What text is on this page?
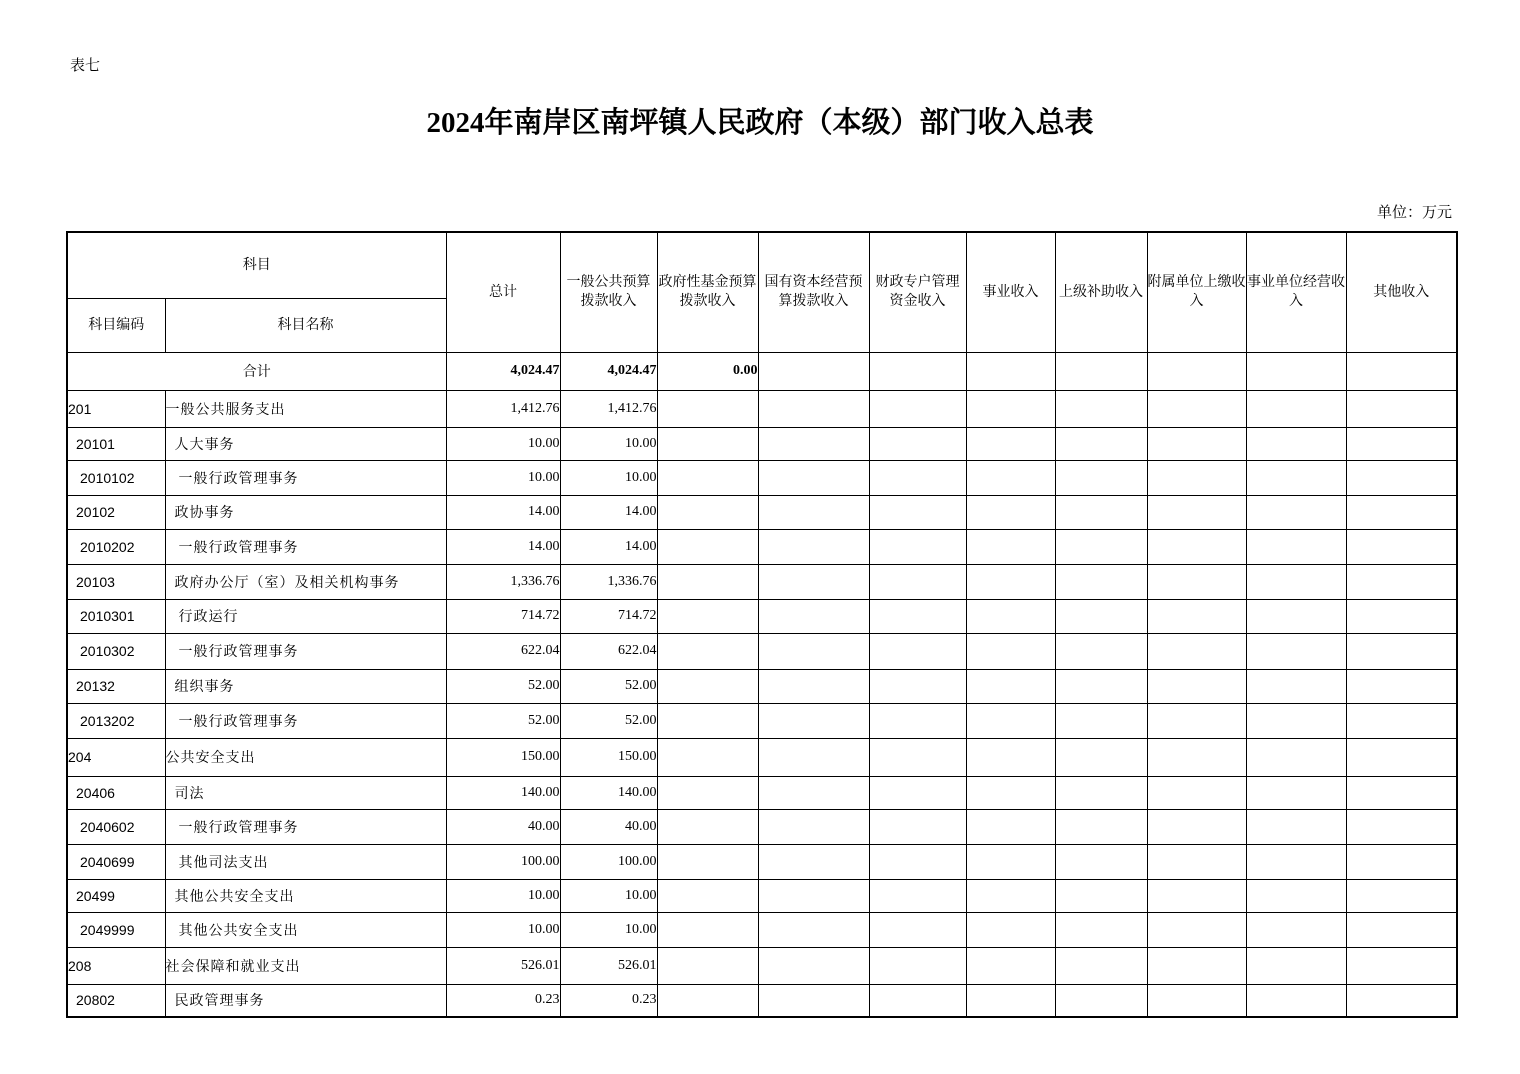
表七
2024年南岸区南坪镇人民政府（本级）部门收入总表
单位：万元
科目		总计	一般公共预算拨款收入	政府性基金预算拨款收入	国有资本经营预算拨款收入	财政专户管理资金收入	事业收入	上级补助收入	附属单位上缴收入	事业单位经营收入	其他收入
科目编码	科目名称										
合计		4,024.47	4,024.47	0.00							
201	一般公共服务支出	1,412.76	1,412.76								
20101	人大事务	10.00	10.00								
2010102	一般行政管理事务	10.00	10.00								
20102	政协事务	14.00	14.00								
2010202	一般行政管理事务	14.00	14.00								
20103	政府办公厅（室）及相关机构事务	1,336.76	1,336.76								
2010301	行政运行	714.72	714.72								
2010302	一般行政管理事务	622.04	622.04								
20132	组织事务	52.00	52.00								
2013202	一般行政管理事务	52.00	52.00								
204	公共安全支出	150.00	150.00								
20406	司法	140.00	140.00								
2040602	一般行政管理事务	40.00	40.00								
2040699	其他司法支出	100.00	100.00								
20499	其他公共安全支出	10.00	10.00								
2049999	其他公共安全支出	10.00	10.00								
208	社会保障和就业支出	526.01	526.01								
20802	民政管理事务	0.23	0.23								
